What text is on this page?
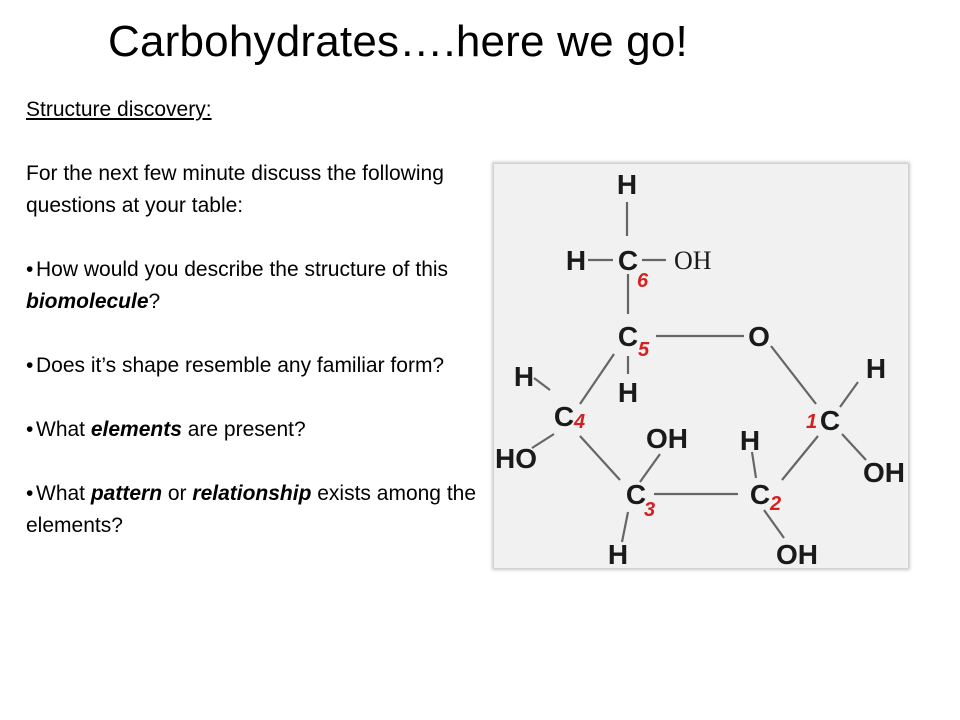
Carbohydrates….here we go!
Structure discovery:
For the next few minute discuss the following questions at your table:
• How would you describe the structure of this biomolecule?
• Does it’s shape resemble any familiar form?
• What elements are present?
• What pattern or relationship exists among the elements?
H
H C
6
OH
C 5	O
H
H
C 4
HO
OH
C
3
H
H
C 2
OH
1 C
H
OH
